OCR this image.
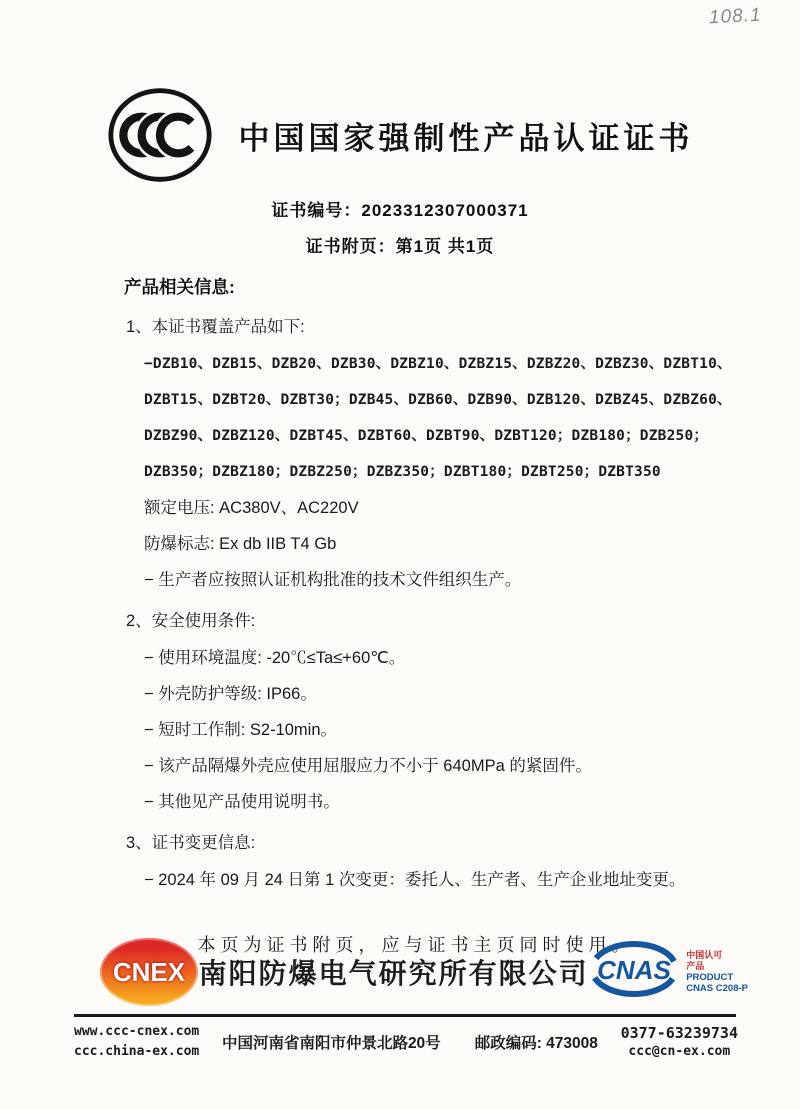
108.1
中国国家强制性产品认证证书
证书编号：2023312307000371
证书附页：第1页 共1页
产品相关信息:
1、本证书覆盖产品如下:
−DZB10、DZB15、DZB20、DZB30、DZBZ10、DZBZ15、DZBZ20、DZBZ30、DZBT10、
DZBT15、DZBT20、DZBT30；DZB45、DZB60、DZB90、DZB120、DZBZ45、DZBZ60、
DZBZ90、DZBZ120、DZBT45、DZBT60、DZBT90、DZBT120；DZB180；DZB250；
DZB350；DZBZ180；DZBZ250；DZBZ350；DZBT180；DZBT250；DZBT350
额定电压: AC380V、AC220V
防爆标志: Ex db IIB T4 Gb
− 生产者应按照认证机构批准的技术文件组织生产。
2、安全使用条件:
− 使用环境温度: -20℃≤Ta≤+60℃。
− 外壳防护等级: IP66。
− 短时工作制: S2-10min。
− 该产品隔爆外壳应使用屈服应力不小于 640MPa 的紧固件。
− 其他见产品使用说明书。
3、证书变更信息:
− 2024 年 09 月 24 日第 1 次变更：委托人、生产者、生产企业地址变更。
本页为证书附页，应与证书主页同时使用。
CNEX 南阳防爆电气研究所有限公司 CNAS 中国认可
产品
PRODUCT
CNAS C208-P
www.ccc-cnex.com
ccc.china-ex.com 中国河南省南阳市仲景北路20号 邮政编码: 473008
0377-63239734
ccc@cn-ex.com
